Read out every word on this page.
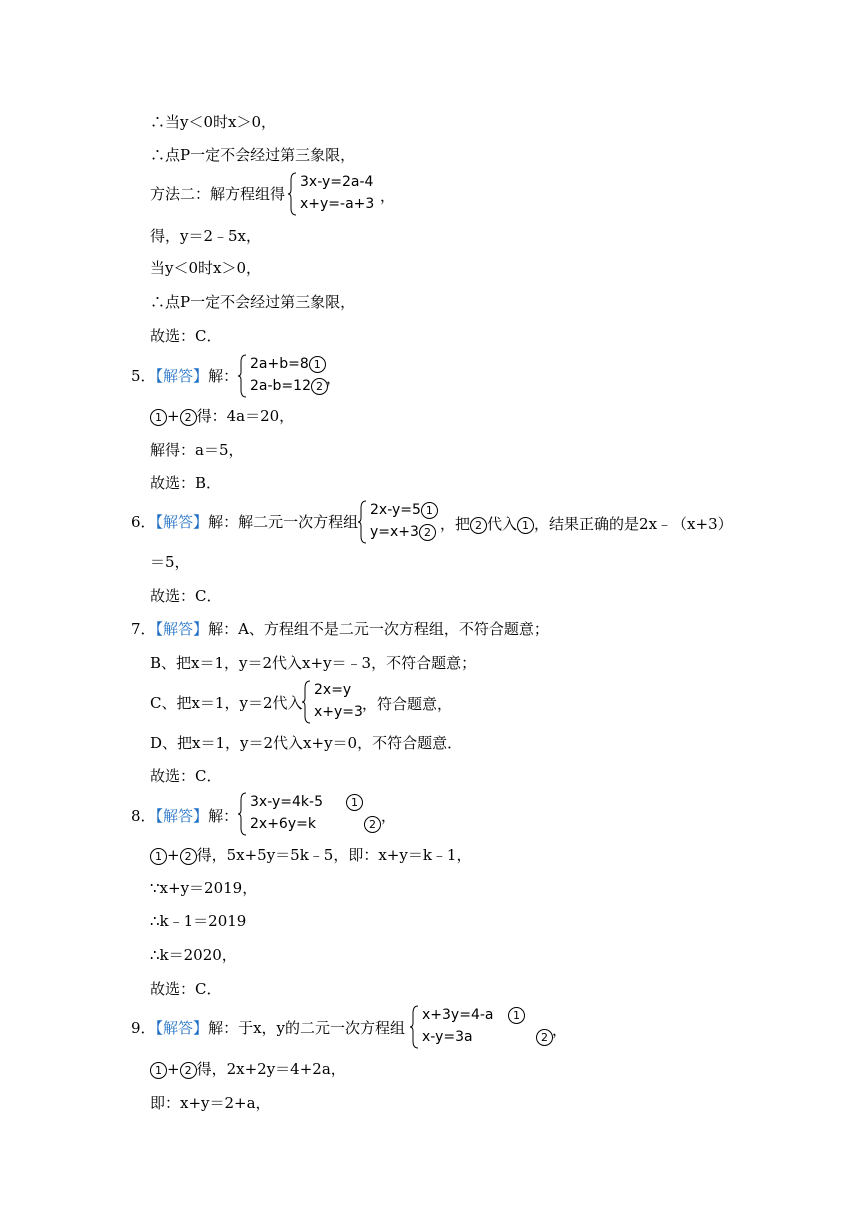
∴当y＜0时x＞0，
∴点P一定不会经过第三象限，
方法二：解方程组得
3x-y=2a-4
x+y=-a+3 ，
得，y＝2﹣5x，
当y＜0时x＞0，
∴点P一定不会经过第三象限，
故选：C．
5．【解答】解：
2a+b=8 1
2a-b=12 2 ，
1 + 2 得：4a＝20，
解得：a＝5，
故选：B．
6．【解答】解：解二元一次方程组
2x-y=5 1
y=x+3 2 ，把 2 代入 1 ，结果正确的是2x﹣（x+3）
＝5，
故选：C．
7．【解答】解：A、方程组不是二元一次方程组，不符合题意；
B、把x＝1，y＝2代入x+y＝﹣3，不符合题意；
C、把x＝1，y＝2代入
2x=y
x+y=3 ，符合题意，
D、把x＝1，y＝2代入x+y＝0，不符合题意．
故选：C．
8．【解答】解：
3x-y=4k-5
2x+6y=k
1
2 ，
1 + 2 得，5x+5y＝5k﹣5，即：x+y＝k﹣1，
∵x+y＝2019，
∴k﹣1＝2019
∴k＝2020，
故选：C．
9．【解答】解：于x，y的二元一次方程组
x+3y=4-a
x-y=3a
1
2 ，
1 + 2 得，2x+2y＝4+2a，
即：x+y＝2+a，
